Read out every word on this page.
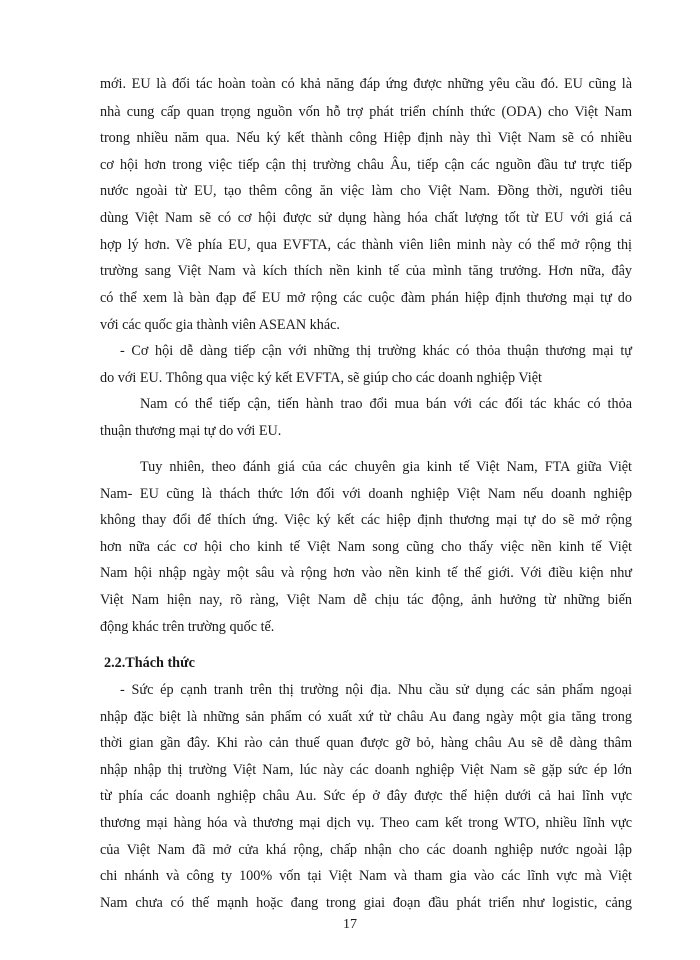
mới. EU là đối tác hoàn toàn có khả năng đáp ứng được những yêu cầu đó. EU cũng là
nhà cung cấp quan trọng nguồn vốn hỗ trợ phát triển chính thức (ODA) cho Việt Nam
trong nhiều năm qua. Nếu ký kết thành công Hiệp định này thì Việt Nam sẽ có nhiều
cơ hội hơn trong việc tiếp cận thị trường châu Âu, tiếp cận các nguồn đầu tư trực tiếp
nước ngoài từ EU, tạo thêm công ăn việc làm cho Việt Nam. Đồng thời, người tiêu
dùng Việt Nam sẽ có cơ hội được sử dụng hàng hóa chất lượng tốt từ EU với giá cả
hợp lý hơn. Về phía EU, qua EVFTA, các thành viên liên minh này có thể mở rộng thị
trường sang Việt Nam và kích thích nền kinh tế của mình tăng trưởng. Hơn nữa, đây
có thể xem là bàn đạp để EU mở rộng các cuộc đàm phán hiệp định thương mại tự do
với các quốc gia thành viên ASEAN khác.
- Cơ hội dễ dàng tiếp cận với những thị trường khác có thỏa thuận thương mại tự
do với EU. Thông qua việc ký kết EVFTA, sẽ giúp cho các doanh nghiệp Việt
Nam có thể tiếp cận, tiến hành trao đổi mua bán với các đối tác khác có thỏa
thuận thương mại tự do với EU.
Tuy nhiên, theo đánh giá của các chuyên gia kinh tế Việt Nam, FTA giữa Việt
Nam- EU cũng là thách thức lớn đối với doanh nghiệp Việt Nam nếu doanh nghiệp
không thay đổi để thích ứng. Việc ký kết các hiệp định thương mại tự do sẽ mở rộng
hơn nữa các cơ hội cho kinh tế Việt Nam song cũng cho thấy việc nền kinh tế Việt
Nam hội nhập ngày một sâu và rộng hơn vào nền kinh tế thế giới. Với điều kiện như
Việt Nam hiện nay, rõ ràng, Việt Nam dễ chịu tác động, ảnh hưởng từ những biến
động khác trên trường quốc tế.
2.2.Thách thức
- Sức ép cạnh tranh trên thị trường nội địa. Nhu cầu sử dụng các sản phẩm ngoại
nhập đặc biệt là những sản phẩm có xuất xứ từ châu Au đang ngày một gia tăng trong
thời gian gần đây. Khi rào cản thuế quan được gỡ bỏ, hàng châu Au sẽ dễ dàng thâm
nhập nhập thị trường Việt Nam, lúc này các doanh nghiệp Việt Nam sẽ gặp sức ép lớn
từ phía các doanh nghiệp châu Au. Sức ép ở đây được thể hiện dưới cả hai lĩnh vực
thương mại hàng hóa và thương mại dịch vụ. Theo cam kết trong WTO, nhiều lĩnh vực
của Việt Nam đã mở cửa khá rộng, chấp nhận cho các doanh nghiệp nước ngoài lập
chi nhánh và công ty 100% vốn tại Việt Nam và tham gia vào các lĩnh vực mà Việt
Nam chưa có thế mạnh hoặc đang trong giai đoạn đầu phát triển như logistic, cảng
17
